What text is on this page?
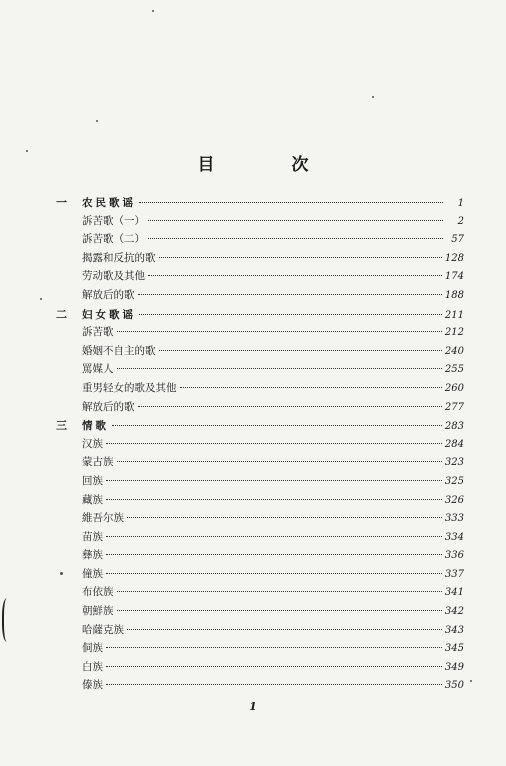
目　次
一	农民歌谣	1
訴苦歌（一）	2
訴苦歌（二）	57
揭露和反抗的歌	128
劳动歌及其他	174
解放后的歌	188
二	妇女歌谣	211
訴苦歌	212
婚姻不自主的歌	240
罵媒人	255
重男轻女的歌及其他	260
解放后的歌	277
三	情歌	283
汉族	284
蒙古族	323
回族	325
藏族	326
維吾尔族	333
苗族	334
彝族	336
僮族	337
布依族	341
朝鮮族	342
哈薩克族	343
侗族	345
白族	349
傣族	350
1
